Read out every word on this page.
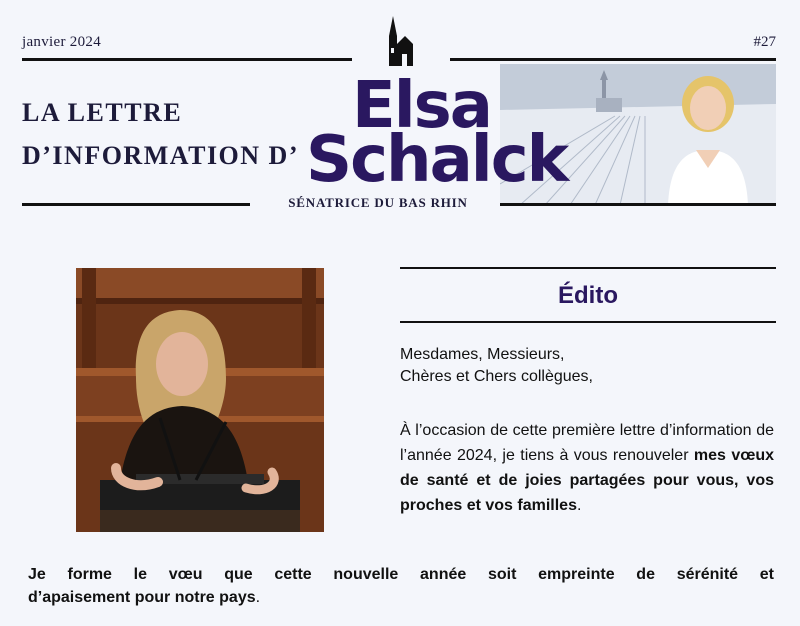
janvier 2024	#27
LA LETTRE
D’INFORMATION D’
Elsa
Schalck
SÉNATRICE DU BAS RHIN
Édito
Mesdames, Messieurs,
Chères et Chers collègues,
À l’occasion de cette première lettre d’information de l’année 2024, je tiens à vous renouveler mes vœux de santé et de joies partagées pour vous, vos proches et vos familles.
Je forme le vœu que cette nouvelle année soit empreinte de sérénité et
d’apaisement pour notre pays.
